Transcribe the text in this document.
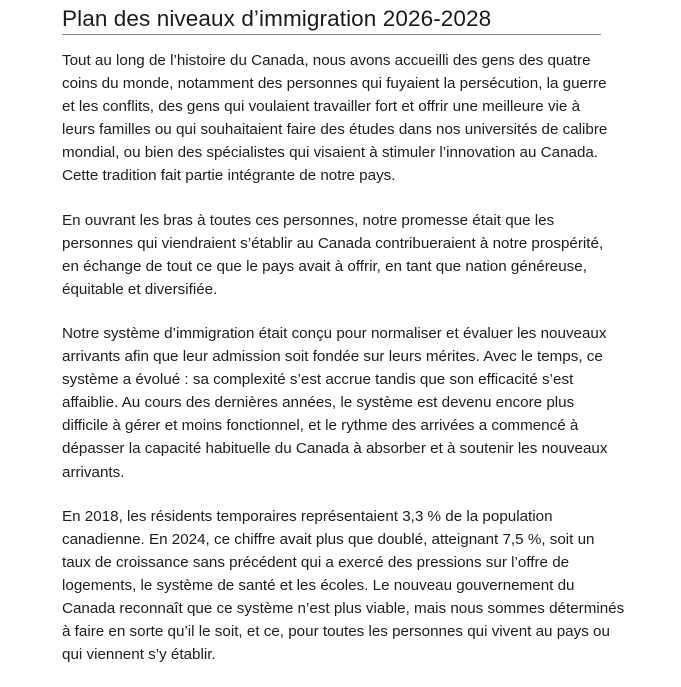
Plan des niveaux d’immigration 2026-2028

Tout au long de l’histoire du Canada, nous avons accueilli des gens des quatre
coins du monde, notamment des personnes qui fuyaient la persécution, la guerre
et les conflits, des gens qui voulaient travailler fort et offrir une meilleure vie à
leurs familles ou qui souhaitaient faire des études dans nos universités de calibre
mondial, ou bien des spécialistes qui visaient à stimuler l’innovation au Canada.
Cette tradition fait partie intégrante de notre pays.

En ouvrant les bras à toutes ces personnes, notre promesse était que les
personnes qui viendraient s’établir au Canada contribueraient à notre prospérité,
en échange de tout ce que le pays avait à offrir, en tant que nation généreuse,
équitable et diversifiée.

Notre système d’immigration était conçu pour normaliser et évaluer les nouveaux
arrivants afin que leur admission soit fondée sur leurs mérites. Avec le temps, ce
système a évolué : sa complexité s’est accrue tandis que son efficacité s’est
affaiblie. Au cours des dernières années, le système est devenu encore plus
difficile à gérer et moins fonctionnel, et le rythme des arrivées a commencé à
dépasser la capacité habituelle du Canada à absorber et à soutenir les nouveaux
arrivants.

En 2018, les résidents temporaires représentaient 3,3 % de la population
canadienne. En 2024, ce chiffre avait plus que doublé, atteignant 7,5 %, soit un
taux de croissance sans précédent qui a exercé des pressions sur l’offre de
logements, le système de santé et les écoles. Le nouveau gouvernement du
Canada reconnaît que ce système n’est plus viable, mais nous sommes déterminés
à faire en sorte qu’il le soit, et ce, pour toutes les personnes qui vivent au pays ou
qui viennent s’y établir.
